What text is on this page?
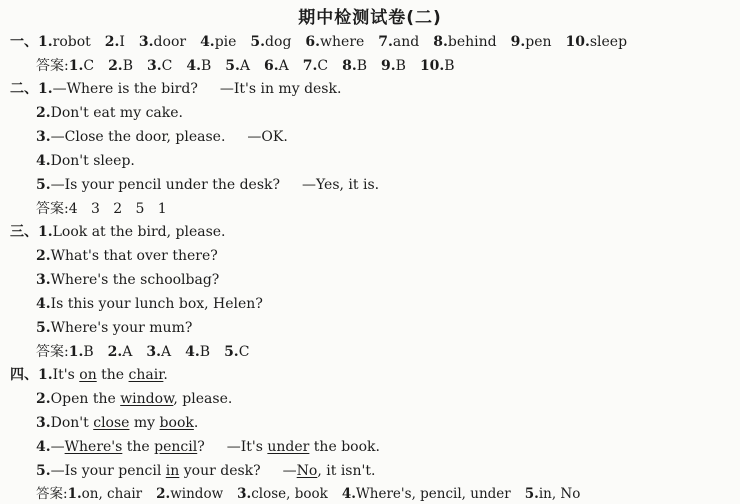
期中检测试卷(二)
一、1.robot 2.I 3.door 4.pie 5.dog 6.where 7.and 8.behind 9.pen 10.sleep
答案:1.C 2.B 3.C 4.B 5.A 6.A 7.C 8.B 9.B 10.B
二、1.—Where is the bird? —It's in my desk.
2.Don't eat my cake.
3.—Close the door, please. —OK.
4.Don't sleep.
5.—Is your pencil under the desk? —Yes, it is.
答案:4   3   2   5   1
三、1.Look at the bird, please.
2.What's that over there?
3.Where's the schoolbag?
4.Is this your lunch box, Helen?
5.Where's your mum?
答案:1.B 2.A 3.A 4.B 5.C
四、1.It's on the chair.
2.Open the window, please.
3.Don't close my book.
4.—Where's the pencil? —It's under the book.
5.—Is your pencil in your desk? —No, it isn't.
答案:1.on, chair 2.window 3.close, book 4.Where's, pencil, under 5.in, No
